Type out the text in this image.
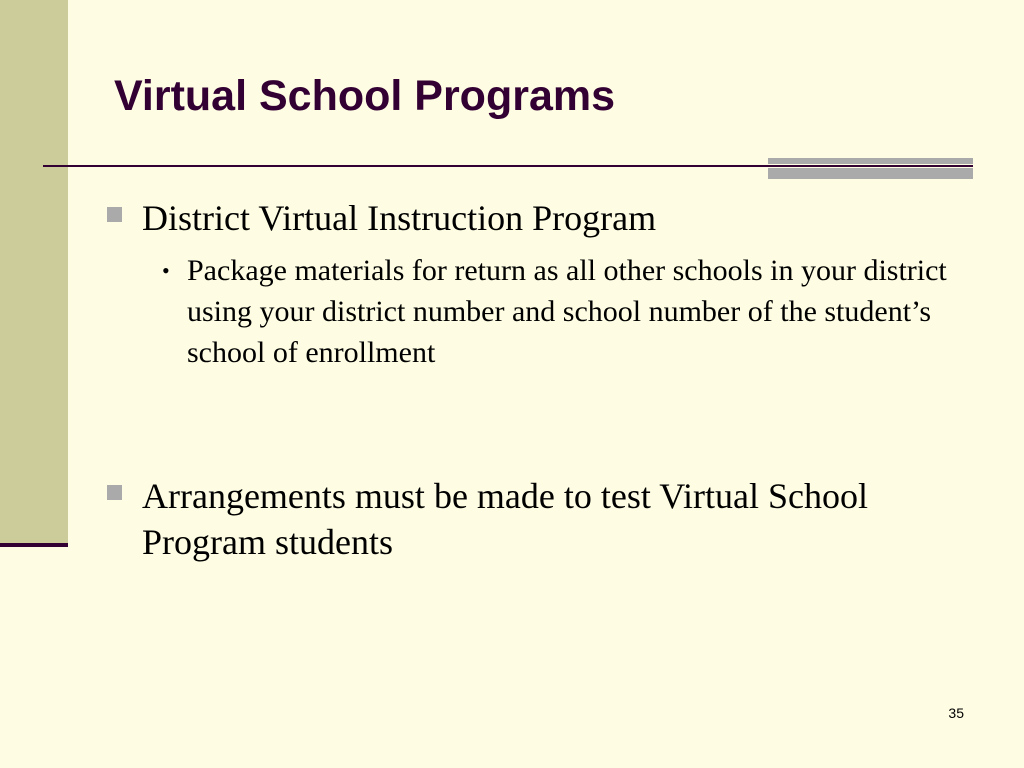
Virtual School Programs
District Virtual Instruction Program
• Package materials for return as all other schools in your district using your district number and school number of the student’s school of enrollment
Arrangements must be made to test Virtual School Program students
35
